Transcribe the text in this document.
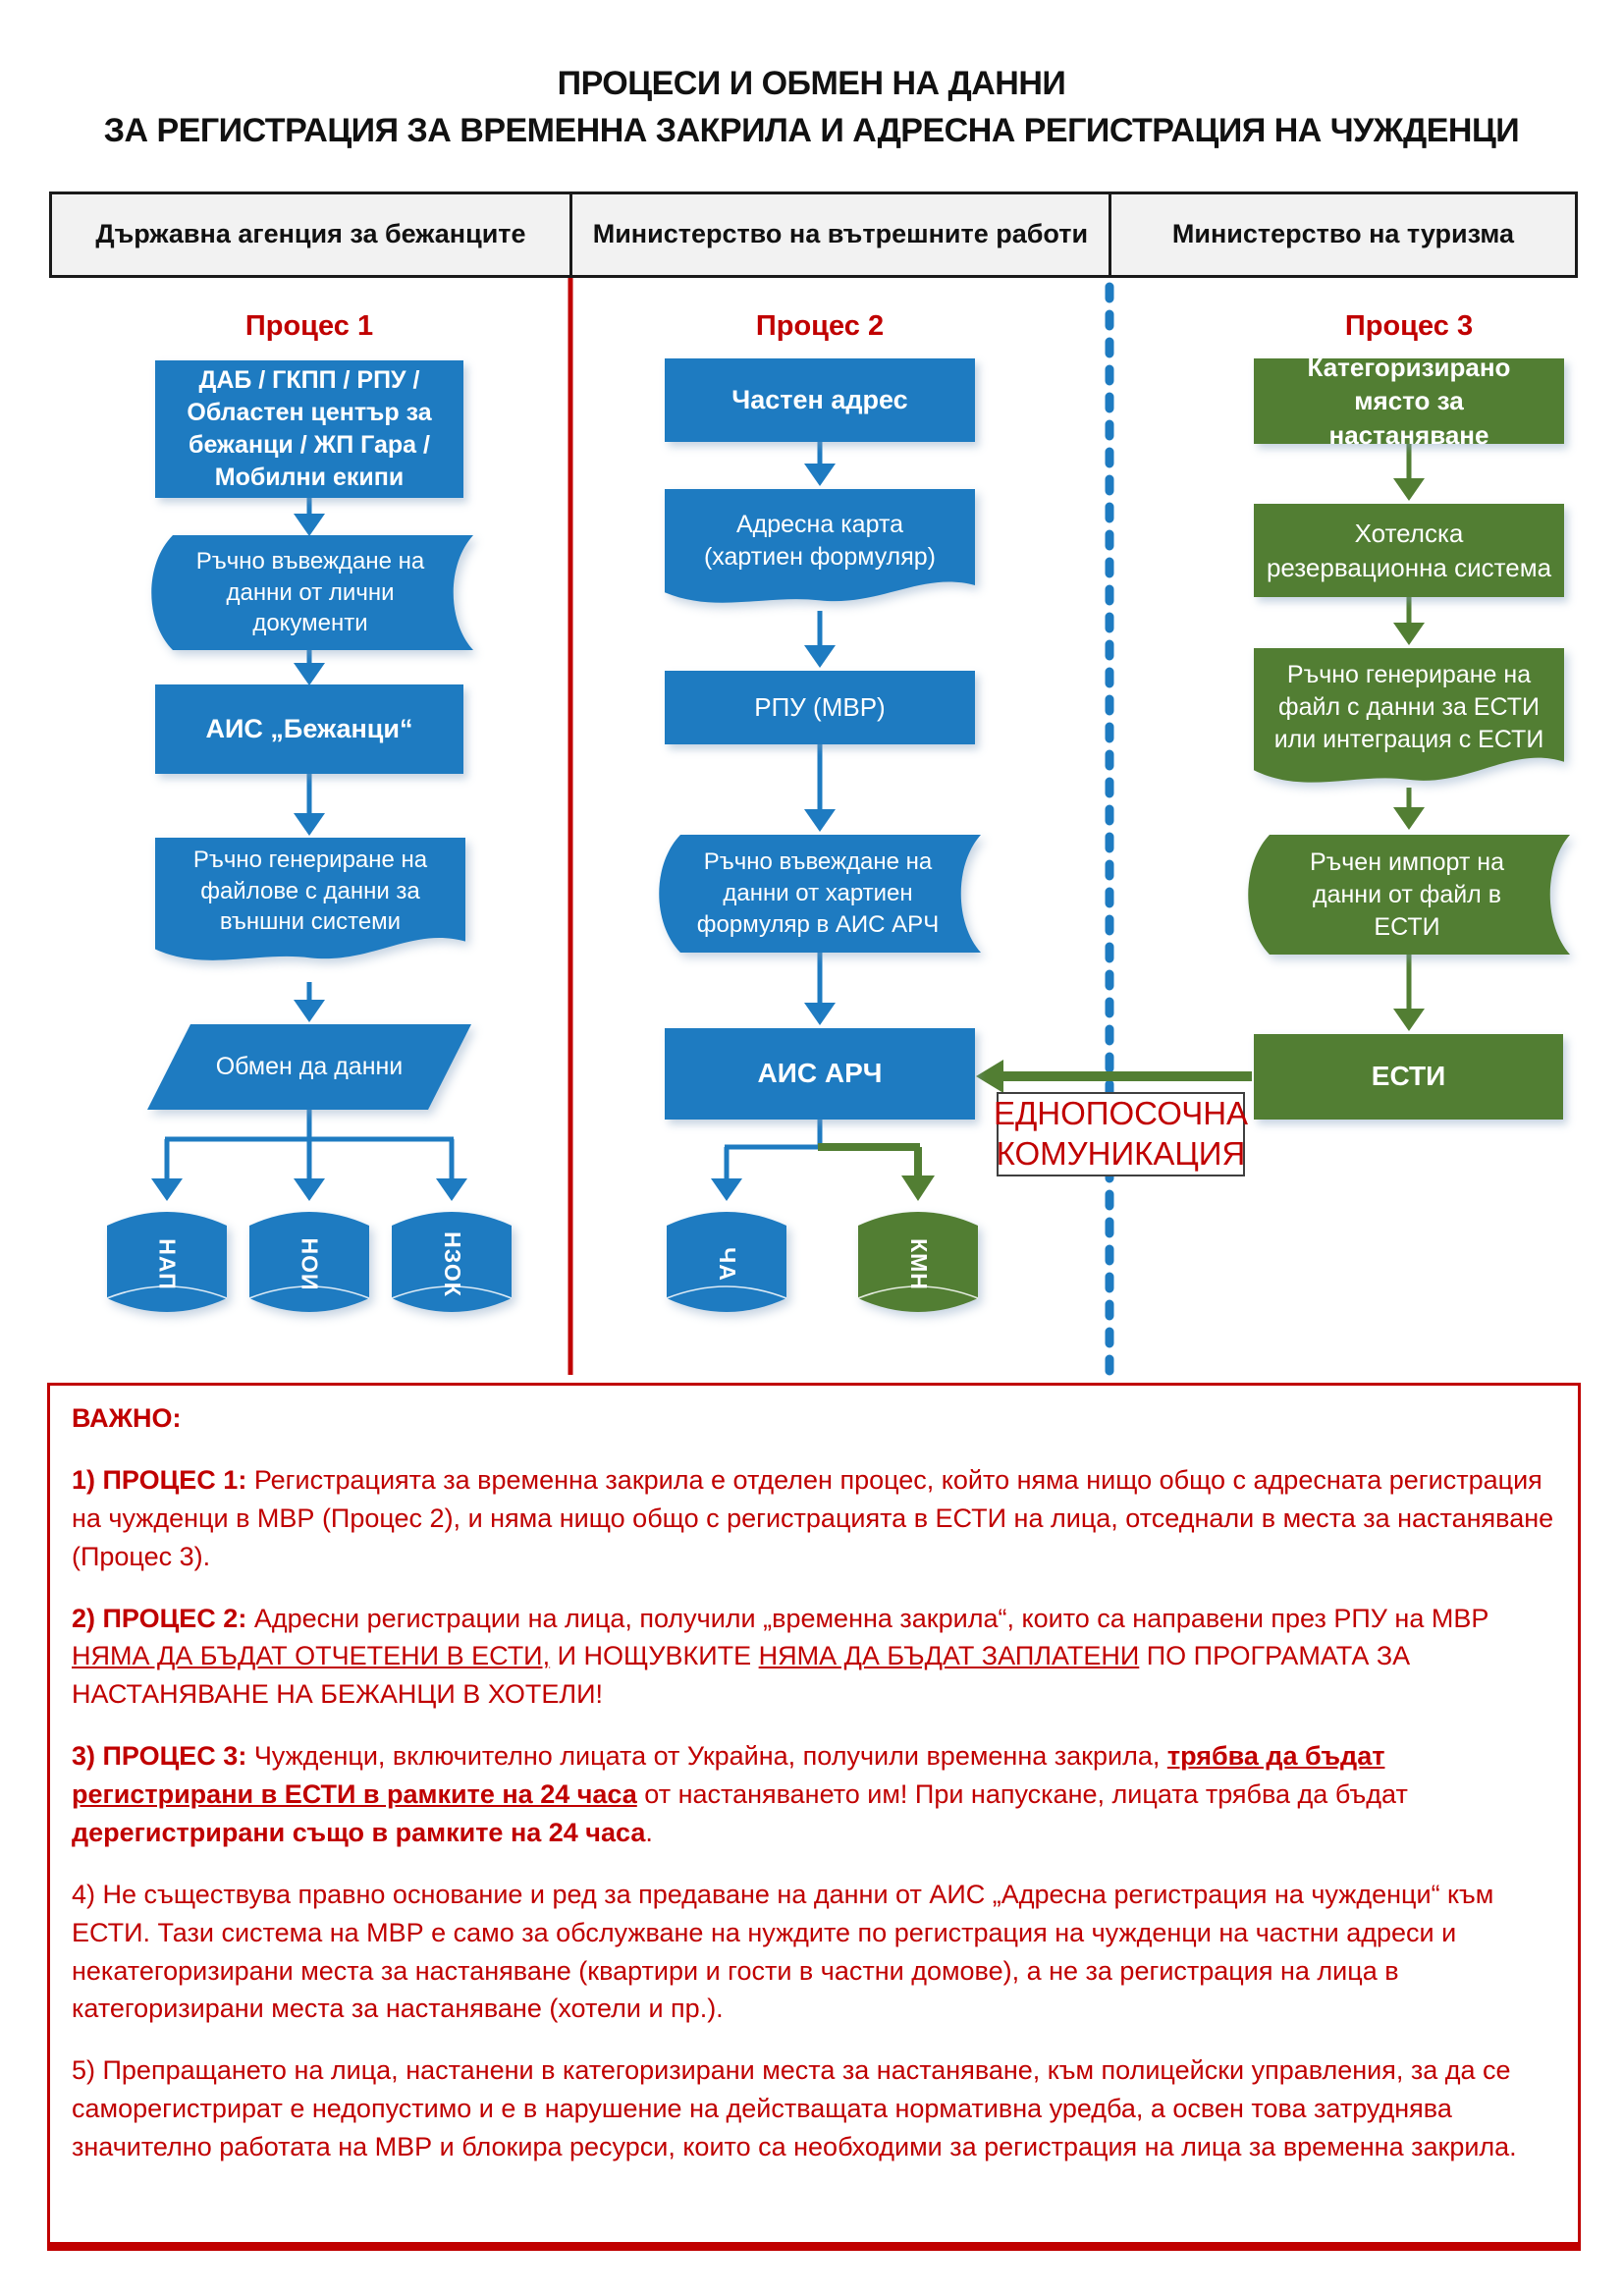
ПРОЦЕСИ И ОБМЕН НА ДАННИ
ЗА РЕГИСТРАЦИЯ ЗА ВРЕМЕННА ЗАКРИЛА И АДРЕСНА РЕГИСТРАЦИЯ НА ЧУЖДЕНЦИ
Държавна агенция за бежанците	Министерство на вътрешните работи	Министерство на туризма
Процес 1	Процес 2	Процес 3
ДАБ / ГКПП / РПУ / Областен център за бежанци / ЖП Гара / Мобилни екипи
Ръчно въвеждане на данни от лични документи
АИС „Бежанци“
Ръчно генериране на файлове с данни за външни системи
Обмен да данни
НАП	НОИ	НЗОК
Частен адрес
Адресна карта (хартиен формуляр)
РПУ (МВР)
Ръчно въвеждане на данни от хартиен формуляр в АИС АРЧ
АИС АРЧ
ЧА	КМН
ЕДНОПОСОЧНА КОМУНИКАЦИЯ
Категоризирано място за настаняване
Хотелска резервационна система
Ръчно генериране на файл с данни за ЕСТИ или интеграция с ЕСТИ
Ръчен импорт на данни от файл в ЕСТИ
ЕСТИ

ВАЖНО:

1) ПРОЦЕС 1: Регистрацията за временна закрила е отделен процес, който няма нищо общо с адресната регистрация на чужденци в МВР (Процес 2), и няма нищо общо с регистрацията в ЕСТИ на лица, отседнали в места за настаняване (Процес 3).

2) ПРОЦЕС 2: Адресни регистрации на лица, получили „временна закрила“, които са направени през РПУ на МВР НЯМА ДА БЪДАТ ОТЧЕТЕНИ В ЕСТИ, И НОЩУВКИТЕ НЯМА ДА БЪДАТ ЗАПЛАТЕНИ ПО ПРОГРАМАТА ЗА НАСТАНЯВАНЕ НА БЕЖАНЦИ В ХОТЕЛИ!

3) ПРОЦЕС 3: Чужденци, включително лицата от Украйна, получили временна закрила, трябва да бъдат регистрирани в ЕСТИ в рамките на 24 часа от настаняването им! При напускане, лицата трябва да бъдат дерегистрирани също в рамките на 24 часа.

4) Не съществува правно основание и ред за предаване на данни от АИС „Адресна регистрация на чужденци“ към ЕСТИ. Тази система на МВР е само за обслужване на нуждите по регистрация на чужденци на частни адреси и некатегоризирани места за настаняване (квартири и гости в частни домове), а не за регистрация на лица в категоризирани места за настаняване (хотели и пр.).

5) Препращането на лица, настанени в категоризирани места за настаняване, към полицейски управления, за да се саморегистрират е недопустимо и е в нарушение на действащата нормативна уредба, а освен това затруднява значително работата на МВР и блокира ресурси, които са необходими за регистрация на лица за временна закрила.
